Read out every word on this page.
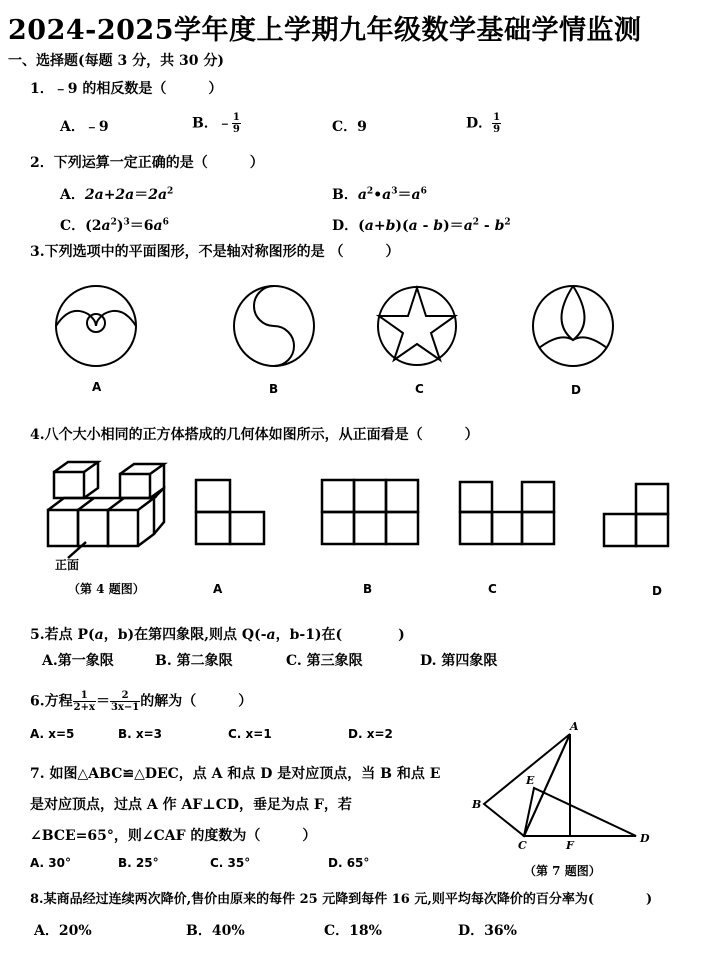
2024-2025学年度上学期九年级数学基础学情监测
一、选择题(每题 3 分，共 30 分)
1．﹣9 的相反数是（　　　）
A．﹣9	B．﹣ $\frac{1}{9}$	C．9	D． $\frac{1}{9}$
2．下列运算一定正确的是（　　　）
A．$2a+2a=2a^2$	B．$a^2•a^3=a^6$
C．$(2a^2)^3=6a^6$	D．$(a+b)(a - b)=a^2 - b^2$
3.下列选项中的平面图形，不是轴对称图形的是 （　　　）
A	B	C	D
4.八个大小相同的正方体搭成的几何体如图所示，从正面看是（　　　）
正面
（第 4 题图）	A	B	C	D
5.若点 P(a，b)在第四象限,则点 Q(-a，b-1)在(　　　　)
A.第一象限	B. 第二象限	C. 第三象限	D. 第四象限
6.方程 $\frac{1}{2+x} = \frac{2}{3x-1}$ 的解为（　　　）
A. x=5	B. x=3	C. x=1	D. x=2
7. 如图△ABC≌△DEC，点 A 和点 D 是对应顶点，当 B 和点 E
是对应顶点，过点 A 作 AF⊥CD，垂足为点 F，若
∠BCE=65°，则∠CAF 的度数为（　　　）
A. 30°	B. 25°	C. 35°	D. 65°
A
E
B
C	F
D
（第 7 题图）
8.某商品经过连续两次降价,售价由原来的每件 25 元降到每件 16 元,则平均每次降价的百分率为(　　　　)
A．20%	B．40%	C．18%	D．36%
